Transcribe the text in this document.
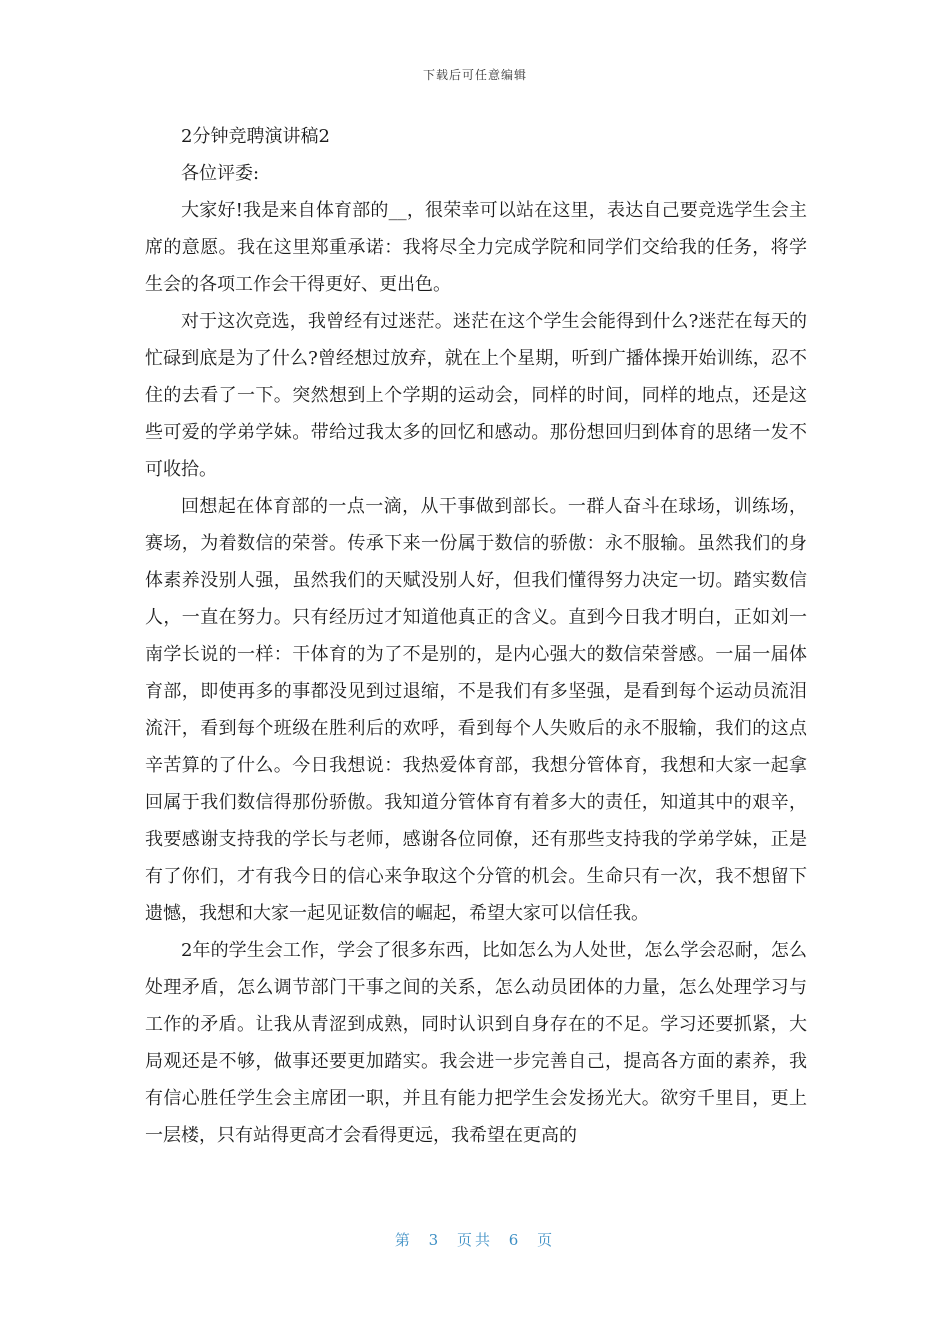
下载后可任意编辑

2分钟竞聘演讲稿2

各位评委:

大家好!我是来自体育部的__，很荣幸可以站在这里，表达自己要竞选学生会主席的意愿。我在这里郑重承诺：我将尽全力完成学院和同学们交给我的任务，将学生会的各项工作会干得更好、更出色。

对于这次竞选，我曾经有过迷茫。迷茫在这个学生会能得到什么?迷茫在每天的忙碌到底是为了什么?曾经想过放弃，就在上个星期，听到广播体操开始训练，忍不住的去看了一下。突然想到上个学期的运动会，同样的时间，同样的地点，还是这些可爱的学弟学妹。带给过我太多的回忆和感动。那份想回归到体育的思绪一发不可收拾。

回想起在体育部的一点一滴，从干事做到部长。一群人奋斗在球场，训练场，赛场，为着数信的荣誉。传承下来一份属于数信的骄傲：永不服输。虽然我们的身体素养没别人强，虽然我们的天赋没别人好，但我们懂得努力决定一切。踏实数信人，一直在努力。只有经历过才知道他真正的含义。直到今日我才明白，正如刘一南学长说的一样：干体育的为了不是别的，是内心强大的数信荣誉感。一届一届体育部，即使再多的事都没见到过退缩，不是我们有多坚强，是看到每个运动员流泪流汗，看到每个班级在胜利后的欢呼，看到每个人失败后的永不服输，我们的这点辛苦算的了什么。今日我想说：我热爱体育部，我想分管体育，我想和大家一起拿回属于我们数信得那份骄傲。我知道分管体育有着多大的责任，知道其中的艰辛，我要感谢支持我的学长与老师，感谢各位同僚，还有那些支持我的学弟学妹，正是有了你们，才有我今日的信心来争取这个分管的机会。生命只有一次，我不想留下遗憾，我想和大家一起见证数信的崛起，希望大家可以信任我。

2年的学生会工作，学会了很多东西，比如怎么为人处世，怎么学会忍耐，怎么处理矛盾，怎么调节部门干事之间的关系，怎么动员团体的力量，怎么处理学习与工作的矛盾。让我从青涩到成熟，同时认识到自身存在的不足。学习还要抓紧，大局观还是不够，做事还要更加踏实。我会进一步完善自己，提高各方面的素养，我有信心胜任学生会主席团一职，并且有能力把学生会发扬光大。欲穷千里目，更上一层楼，只有站得更高才会看得更远，我希望在更高的

第 3 页共 6 页
